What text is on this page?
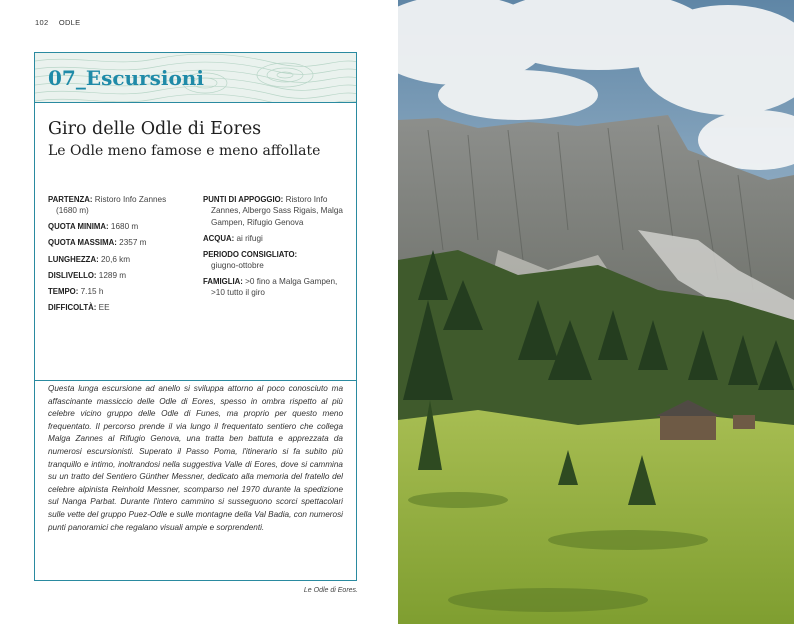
102 ODLE
07_Escursioni
Giro delle Odle di Eores
Le Odle meno famose e meno affollate
PARTENZA: Ristoro Info Zannes
(1680 m)
QUOTA MINIMA: 1680 m
QUOTA MASSIMA: 2357 m
LUNGHEZZA: 20,6 km
DISLIVELLO: 1289 m
TEMPO: 7.15 h
DIFFICOLTÀ: EE
PUNTI DI APPOGGIO: Ristoro Info
Zannes, Albergo Sass Rigais, Malga Gampen, Rifugio Genova
ACQUA: ai rifugi
PERIODO CONSIGLIATO:
giugno-ottobre
FAMIGLIA: >0 fino a Malga Gampen,
>10 tutto il giro

Questa lunga escursione ad anello si sviluppa attorno al poco conosciuto ma affascinante massiccio delle Odle di Eores, spesso in ombra rispetto al più celebre vicino gruppo delle Odle di Funes, ma proprio per questo meno frequentato. Il percorso prende il via lungo il frequentato sentiero che collega Malga Zannes al Rifugio Genova, una tratta ben battuta e apprezzata da numerosi escursionisti. Superato il Passo Poma, l'itinerario si fa subito più tranquillo e intimo, inoltrandosi nella suggestiva Valle di Eores, dove si cammina su un tratto del Sentiero Günther Messner, dedicato alla memoria del fratello del celebre alpinista Reinhold Messner, scomparso nel 1970 durante la spedizione sul Nanga Parbat. Durante l'intero cammino si susseguono scorci spettacolari sulle vette del gruppo Puez-Odle e sulle montagne della Val Badia, con numerosi punti panoramici che regalano visuali ampie e sorprendenti.

Le Odle di Eores.
